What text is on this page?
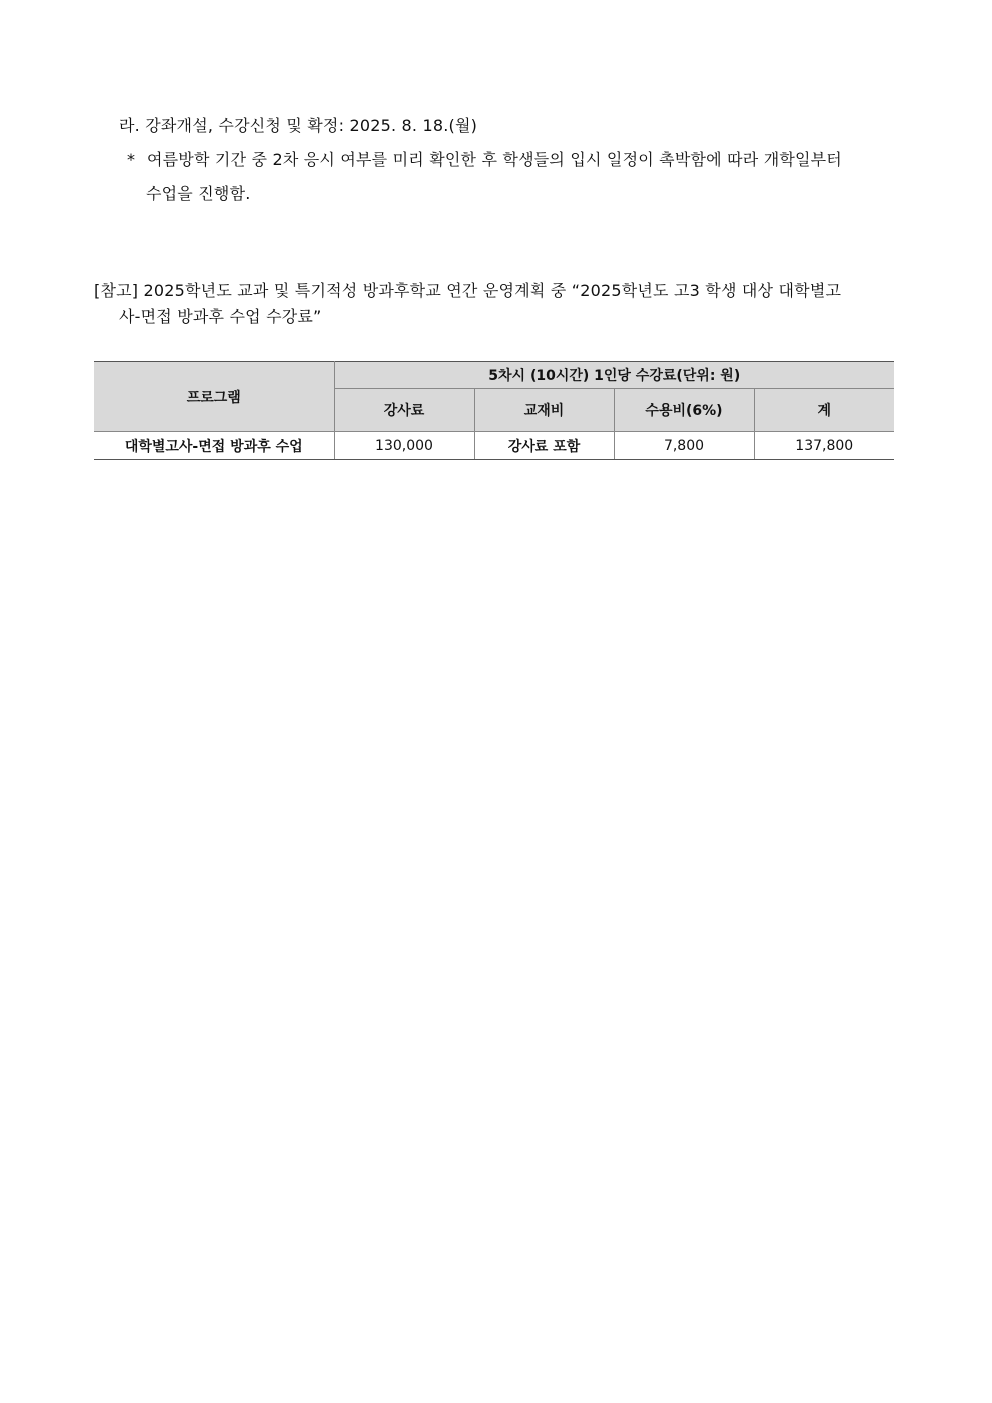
라. 강좌개설, 수강신청 및 확정: 2025. 8. 18.(월)
* 여름방학 기간 중 2차 응시 여부를 미리 확인한 후 학생들의 입시 일정이 촉박함에 따라 개학일부터
수업을 진행함.
[참고] 2025학년도 교과 및 특기적성 방과후학교 연간 운영계획 중 “2025학년도 고3 학생 대상 대학별고
사-면접 방과후 수업 수강료”
프로그램	5차시 (10시간) 1인당 수강료(단위: 원)			
	강사료	교재비	수용비(6%)	계
대학별고사-면접 방과후 수업	130,000	강사료 포함	7,800	137,800
